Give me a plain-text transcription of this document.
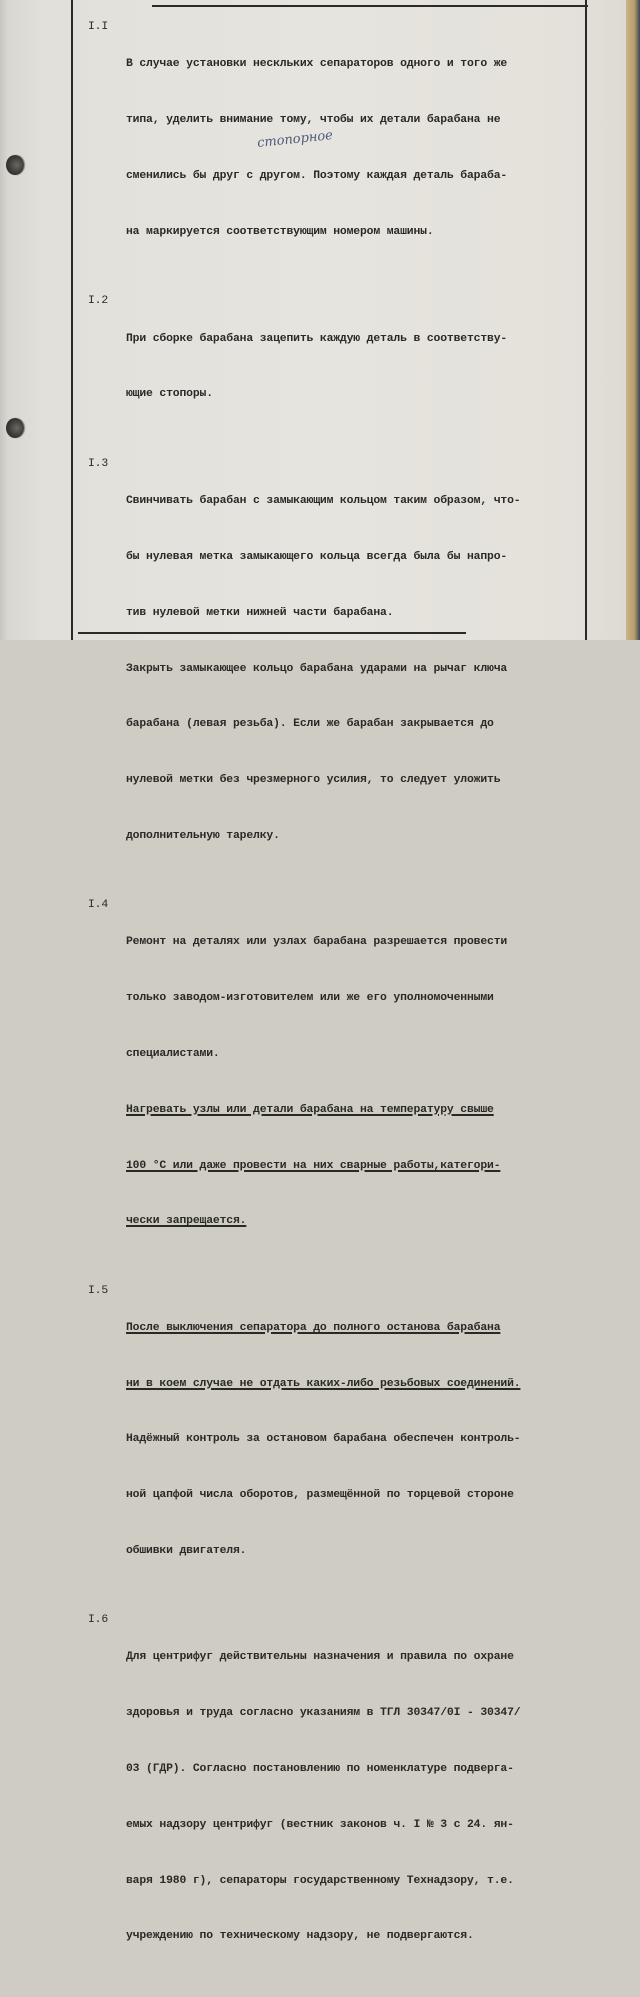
стопорное
I.I

В случае установки нескльких сепараторов одного и того же

типа, уделить внимание тому, чтобы их детали барабана не

сменились бы друг с другом. Поэтому каждая деталь бараба-

на маркируется соответствующим номером машины.

I.2

При сборке барабана зацепить каждую деталь в соответству-

ющие стопоры.

I.3

Свинчивать барабан с замыкающим кольцом таким образом, что-

бы нулевая метка замыкающего кольца всегда была бы напро-

тив нулевой метки нижней части барабана.

Закрыть замыкающее кольцо барабана ударами на рычаг ключа

барабана (левая резьба). Если же барабан закрывается до

нулевой метки без чрезмерного усилия, то следует уложить

дополнительную тарелку.

I.4

Ремонт на деталях или узлах барабана разрешается провести

только заводом-изготовителем или же его уполномоченными

специалистами.

Нагревать узлы или детали барабана на температуру свыше

100 °С или даже провести на них сварные работы,категори-

чески запрещается.

I.5

После выключения сепаратора до полного останова барабана

ни в коем случае не отдать каких-либо резьбовых соединений.

Надёжный контроль за остановом барабана обеспечен контроль-

ной цапфой числа оборотов, размещённой по торцевой стороне

обшивки двигателя.

I.6

Для центрифуг действительны назначения и правила по охране

здоровья и труда согласно указаниям в ТГЛ 30347/0I - 30347/

03 (ГДР). Согласно постановлению по номенклатуре подверга-

емых надзору центрифуг (вестник законов ч. I № 3 с 24. ян-

варя 1980 г), сепараторы государственному Технадзору, т.е.

учреждению по техническому надзору, не подвергаются.
